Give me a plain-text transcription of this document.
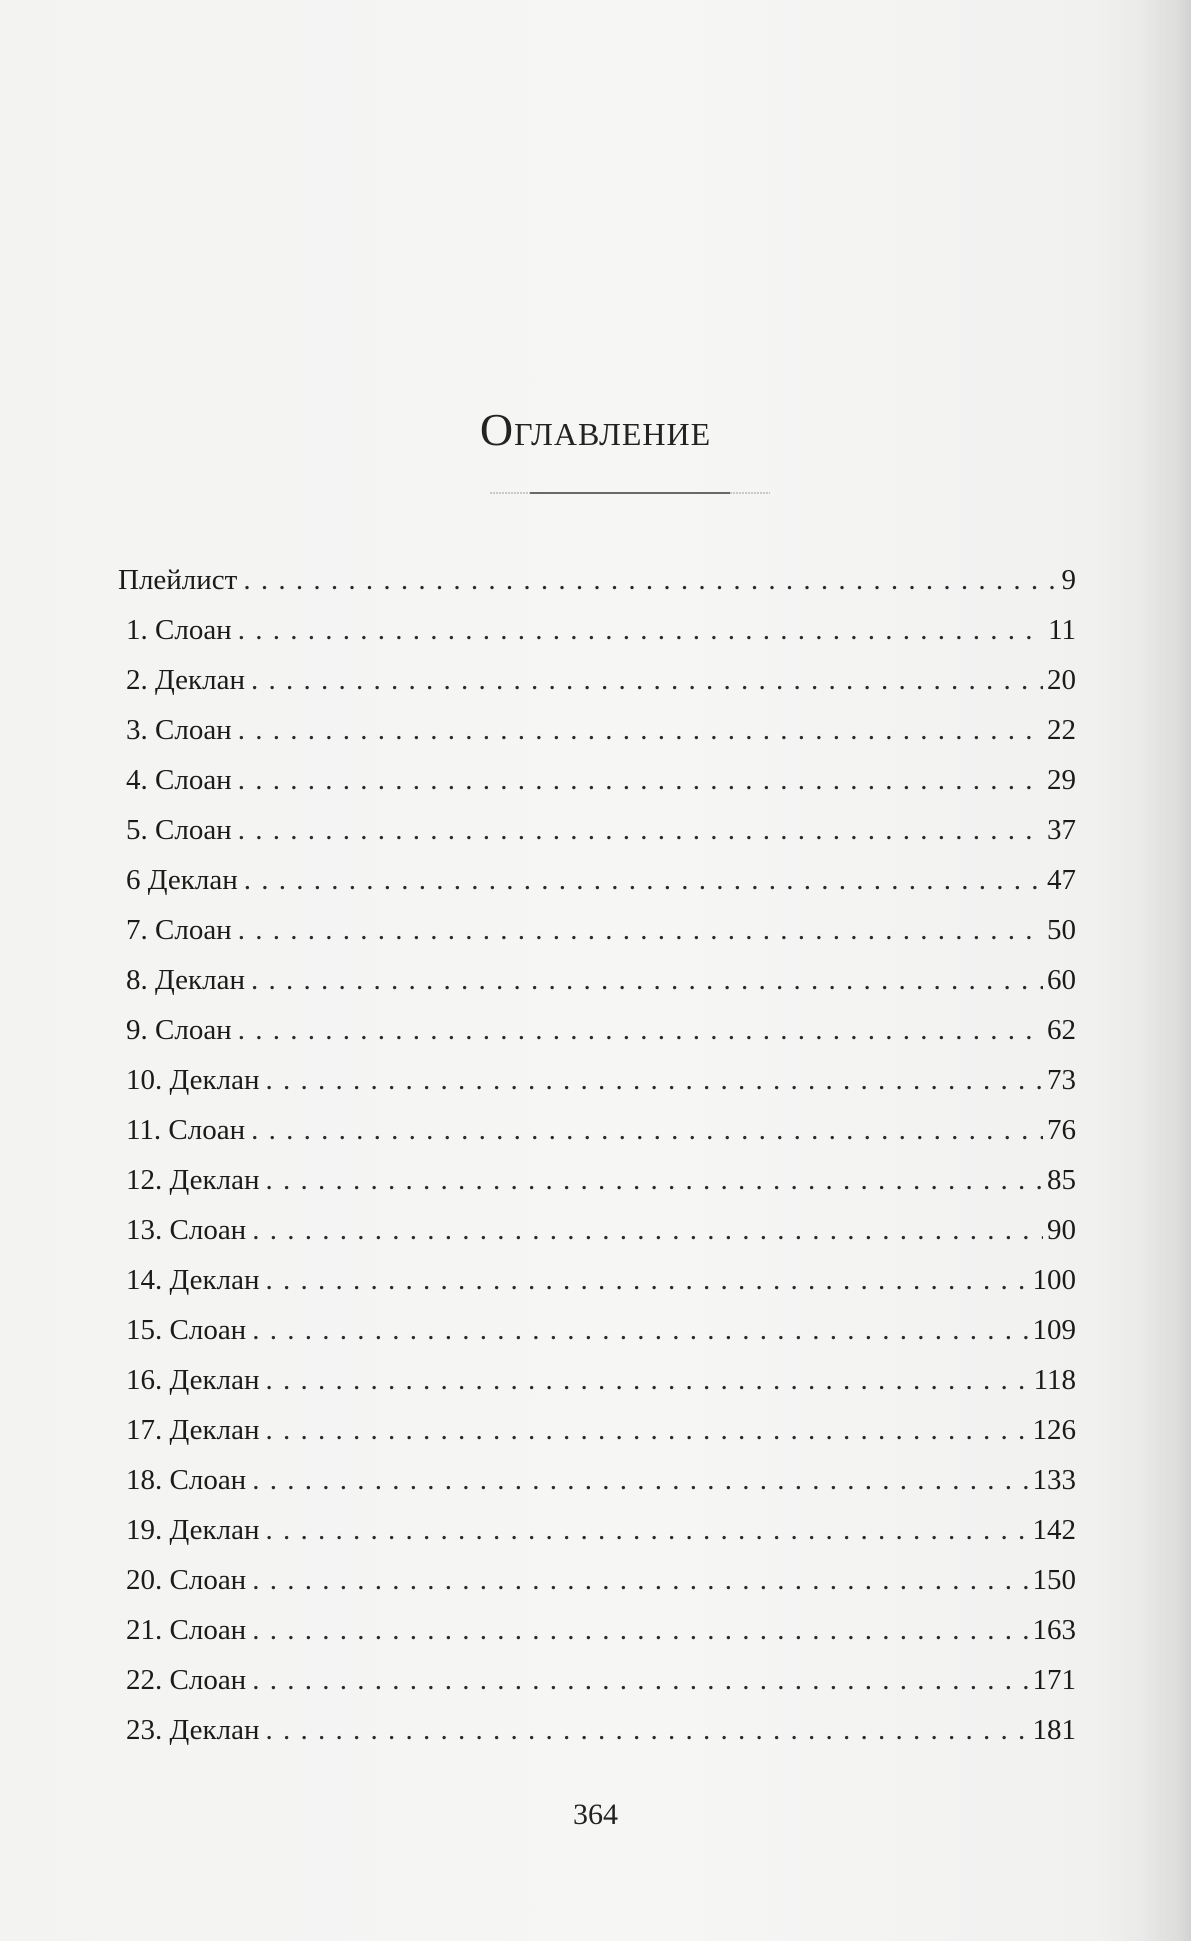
Оглавление
Плейлист . . .	9
1. Слоан . . .	11
2. Деклан . . .	20
3. Слоан . . .	22
4. Слоан . . .	29
5. Слоан . . .	37
6 Деклан . . .	47
7. Слоан . . .	50
8. Деклан . . .	60
9. Слоан . . .	62
10. Деклан . . .	73
11. Слоан . . .	76
12. Деклан . . .	85
13. Слоан . . .	90
14. Деклан . . .	100
15. Слоан . . .	109
16. Деклан . . .	118
17. Деклан . . .	126
18. Слоан . . .	133
19. Деклан . . .	142
20. Слоан . . .	150
21. Слоан . . .	163
22. Слоан . . .	171
23. Деклан . . .	181
364
